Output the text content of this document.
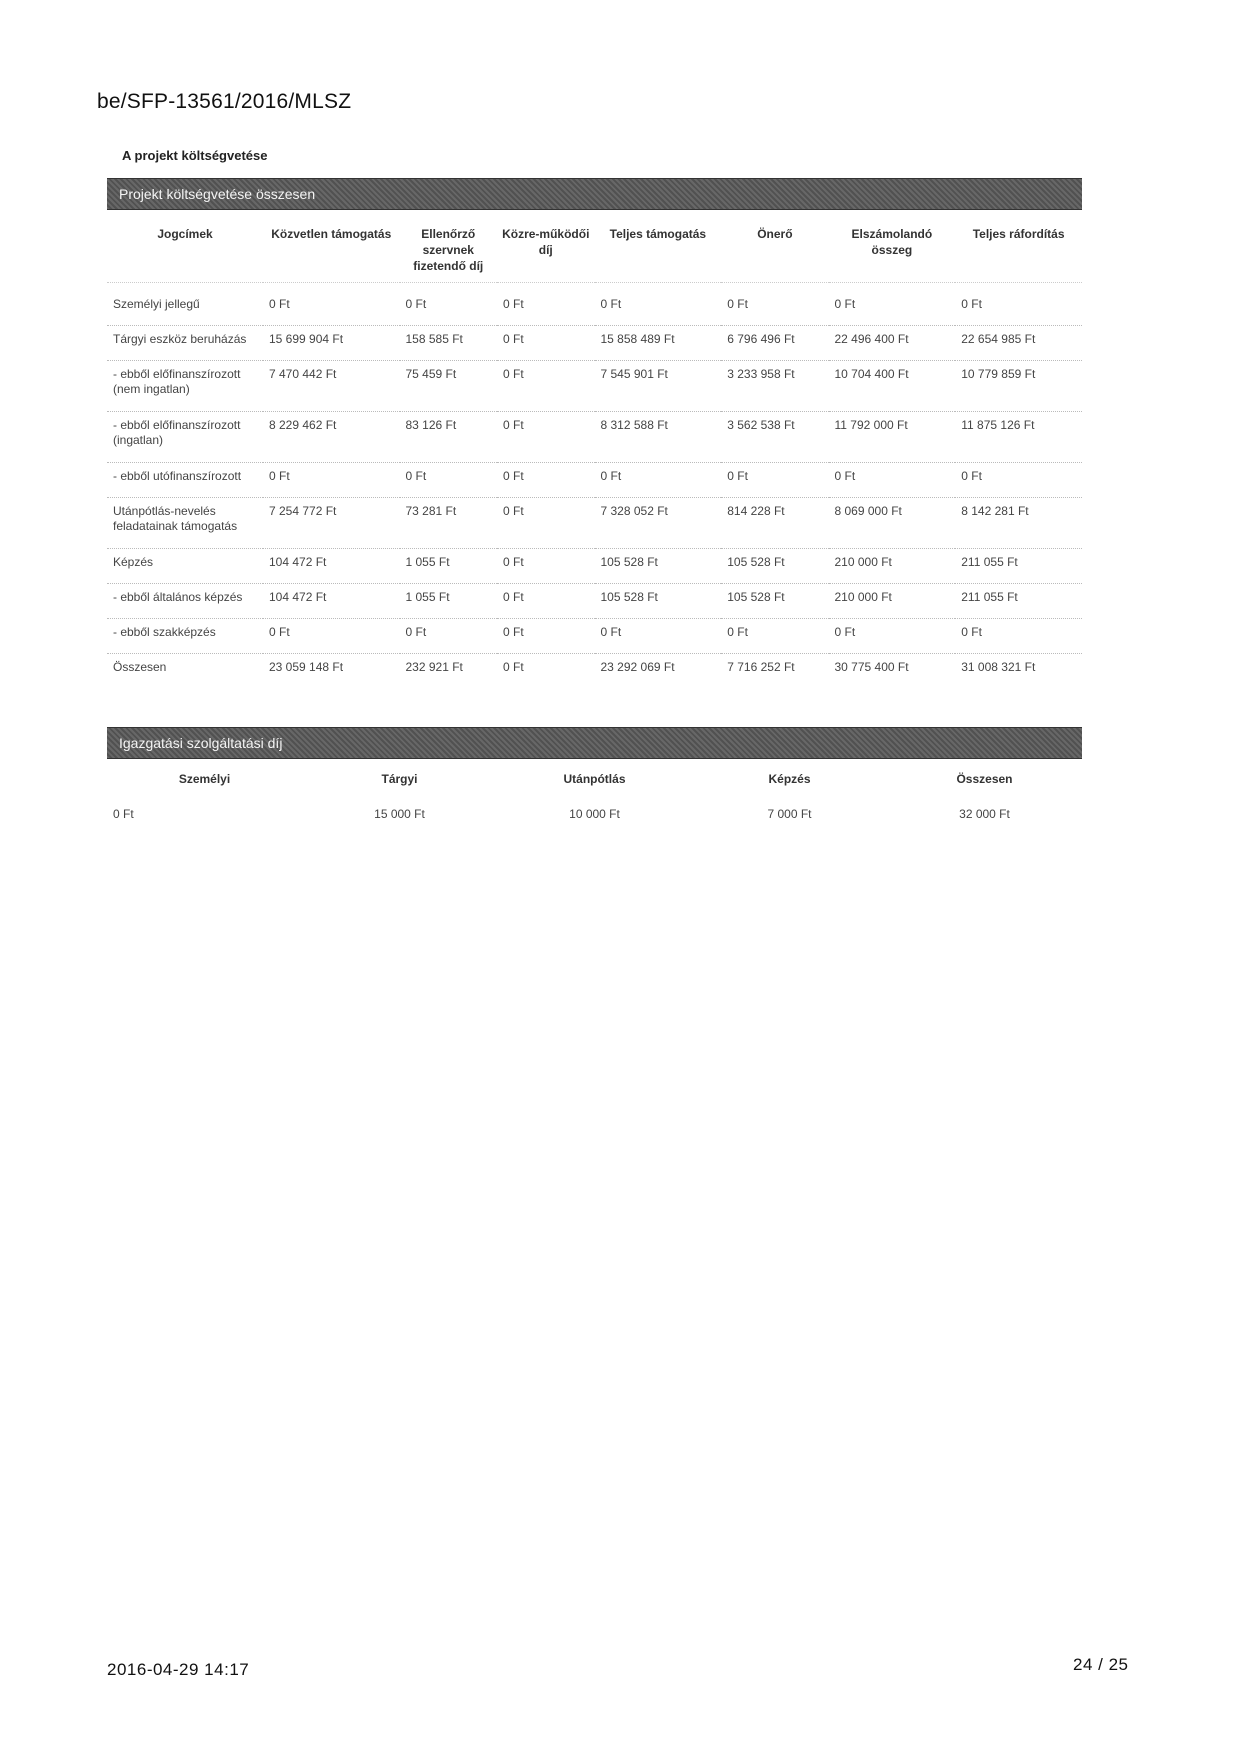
be/SFP-13561/2016/MLSZ
A projekt költségvetése
Projekt költségvetése összesen
Jogcímek	Közvetlen támogatás	Ellenőrző szervnek fizetendő díj	Közre-működői díj	Teljes támogatás	Önerő	Elszámolandó összeg	Teljes ráfordítás
Személyi jellegű	0 Ft	0 Ft	0 Ft	0 Ft	0 Ft	0 Ft	0 Ft
Tárgyi eszköz beruházás	15 699 904 Ft	158 585 Ft	0 Ft	15 858 489 Ft	6 796 496 Ft	22 496 400 Ft	22 654 985 Ft
- ebből előfinanszírozott (nem ingatlan)	7 470 442 Ft	75 459 Ft	0 Ft	7 545 901 Ft	3 233 958 Ft	10 704 400 Ft	10 779 859 Ft
- ebből előfinanszírozott (ingatlan)	8 229 462 Ft	83 126 Ft	0 Ft	8 312 588 Ft	3 562 538 Ft	11 792 000 Ft	11 875 126 Ft
- ebből utófinanszírozott	0 Ft	0 Ft	0 Ft	0 Ft	0 Ft	0 Ft	0 Ft
Utánpótlás-nevelés feladatainak támogatás	7 254 772 Ft	73 281 Ft	0 Ft	7 328 052 Ft	814 228 Ft	8 069 000 Ft	8 142 281 Ft
Képzés	104 472 Ft	1 055 Ft	0 Ft	105 528 Ft	105 528 Ft	210 000 Ft	211 055 Ft
- ebből általános képzés	104 472 Ft	1 055 Ft	0 Ft	105 528 Ft	105 528 Ft	210 000 Ft	211 055 Ft
- ebből szakképzés	0 Ft	0 Ft	0 Ft	0 Ft	0 Ft	0 Ft	0 Ft
Összesen	23 059 148 Ft	232 921 Ft	0 Ft	23 292 069 Ft	7 716 252 Ft	30 775 400 Ft	31 008 321 Ft
Igazgatási szolgáltatási díj
Személyi	Tárgyi	Utánpótlás	Képzés	Összesen
0 Ft	15 000 Ft	10 000 Ft	7 000 Ft	32 000 Ft
2016-04-29 14:17	24 / 25
